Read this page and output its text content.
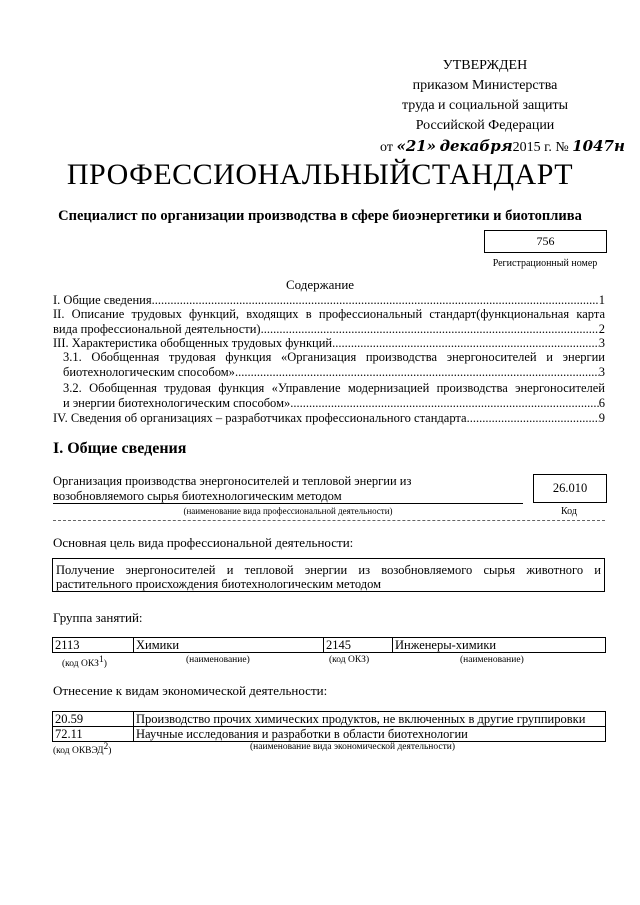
УТВЕРЖДЕН
приказом Министерства
труда и социальной защиты
Российской Федерации
от «21» декабря2015 г. № 1047н
ПРОФЕССИОНАЛЬНЫЙСТАНДАРТ
Специалист по организации производства в сфере биоэнергетики и биотоплива
756
Регистрационный номер
Содержание
I. Общие сведения .....	1
II. Описание трудовых функций, входящих в профессиональный стандарт(функциональная карта
вида профессиональной деятельности) .....	2
III. Характеристика обобщенных трудовых функций .....	3
3.1. Обобщенная трудовая функция «Организация производства энергоносителей и энергии
биотехнологическим способом» .....	3
3.2. Обобщенная трудовая функция «Управление модернизацией производства энергоносителей
и энергии биотехнологическим способом» .....	6
IV. Сведения об организациях – разработчиках профессионального стандарта .....	9
I. Общие сведения
Организация производства энергоносителей и тепловой энергии из
возобновляемого сырья биотехнологическим методом
(наименование вида профессиональной деятельности)
26.010
Код
Основная цель вида профессиональной деятельности:
Получение энергоносителей и тепловой энергии из возобновляемого сырья животного и растительного происхождения биотехнологическим методом
Группа занятий:
2113	Химики	2145	Инженеры-химики
(код ОКЗ$^1$)	(наименование)	(код ОКЗ)	(наименование)
Отнесение к видам экономической деятельности:
20.59	Производство прочих химических продуктов, не включенных в другие группировки
72.11	Научные исследования и разработки в области биотехнологии
(код ОКВЭД$^2$)	(наименование вида экономической деятельности)
